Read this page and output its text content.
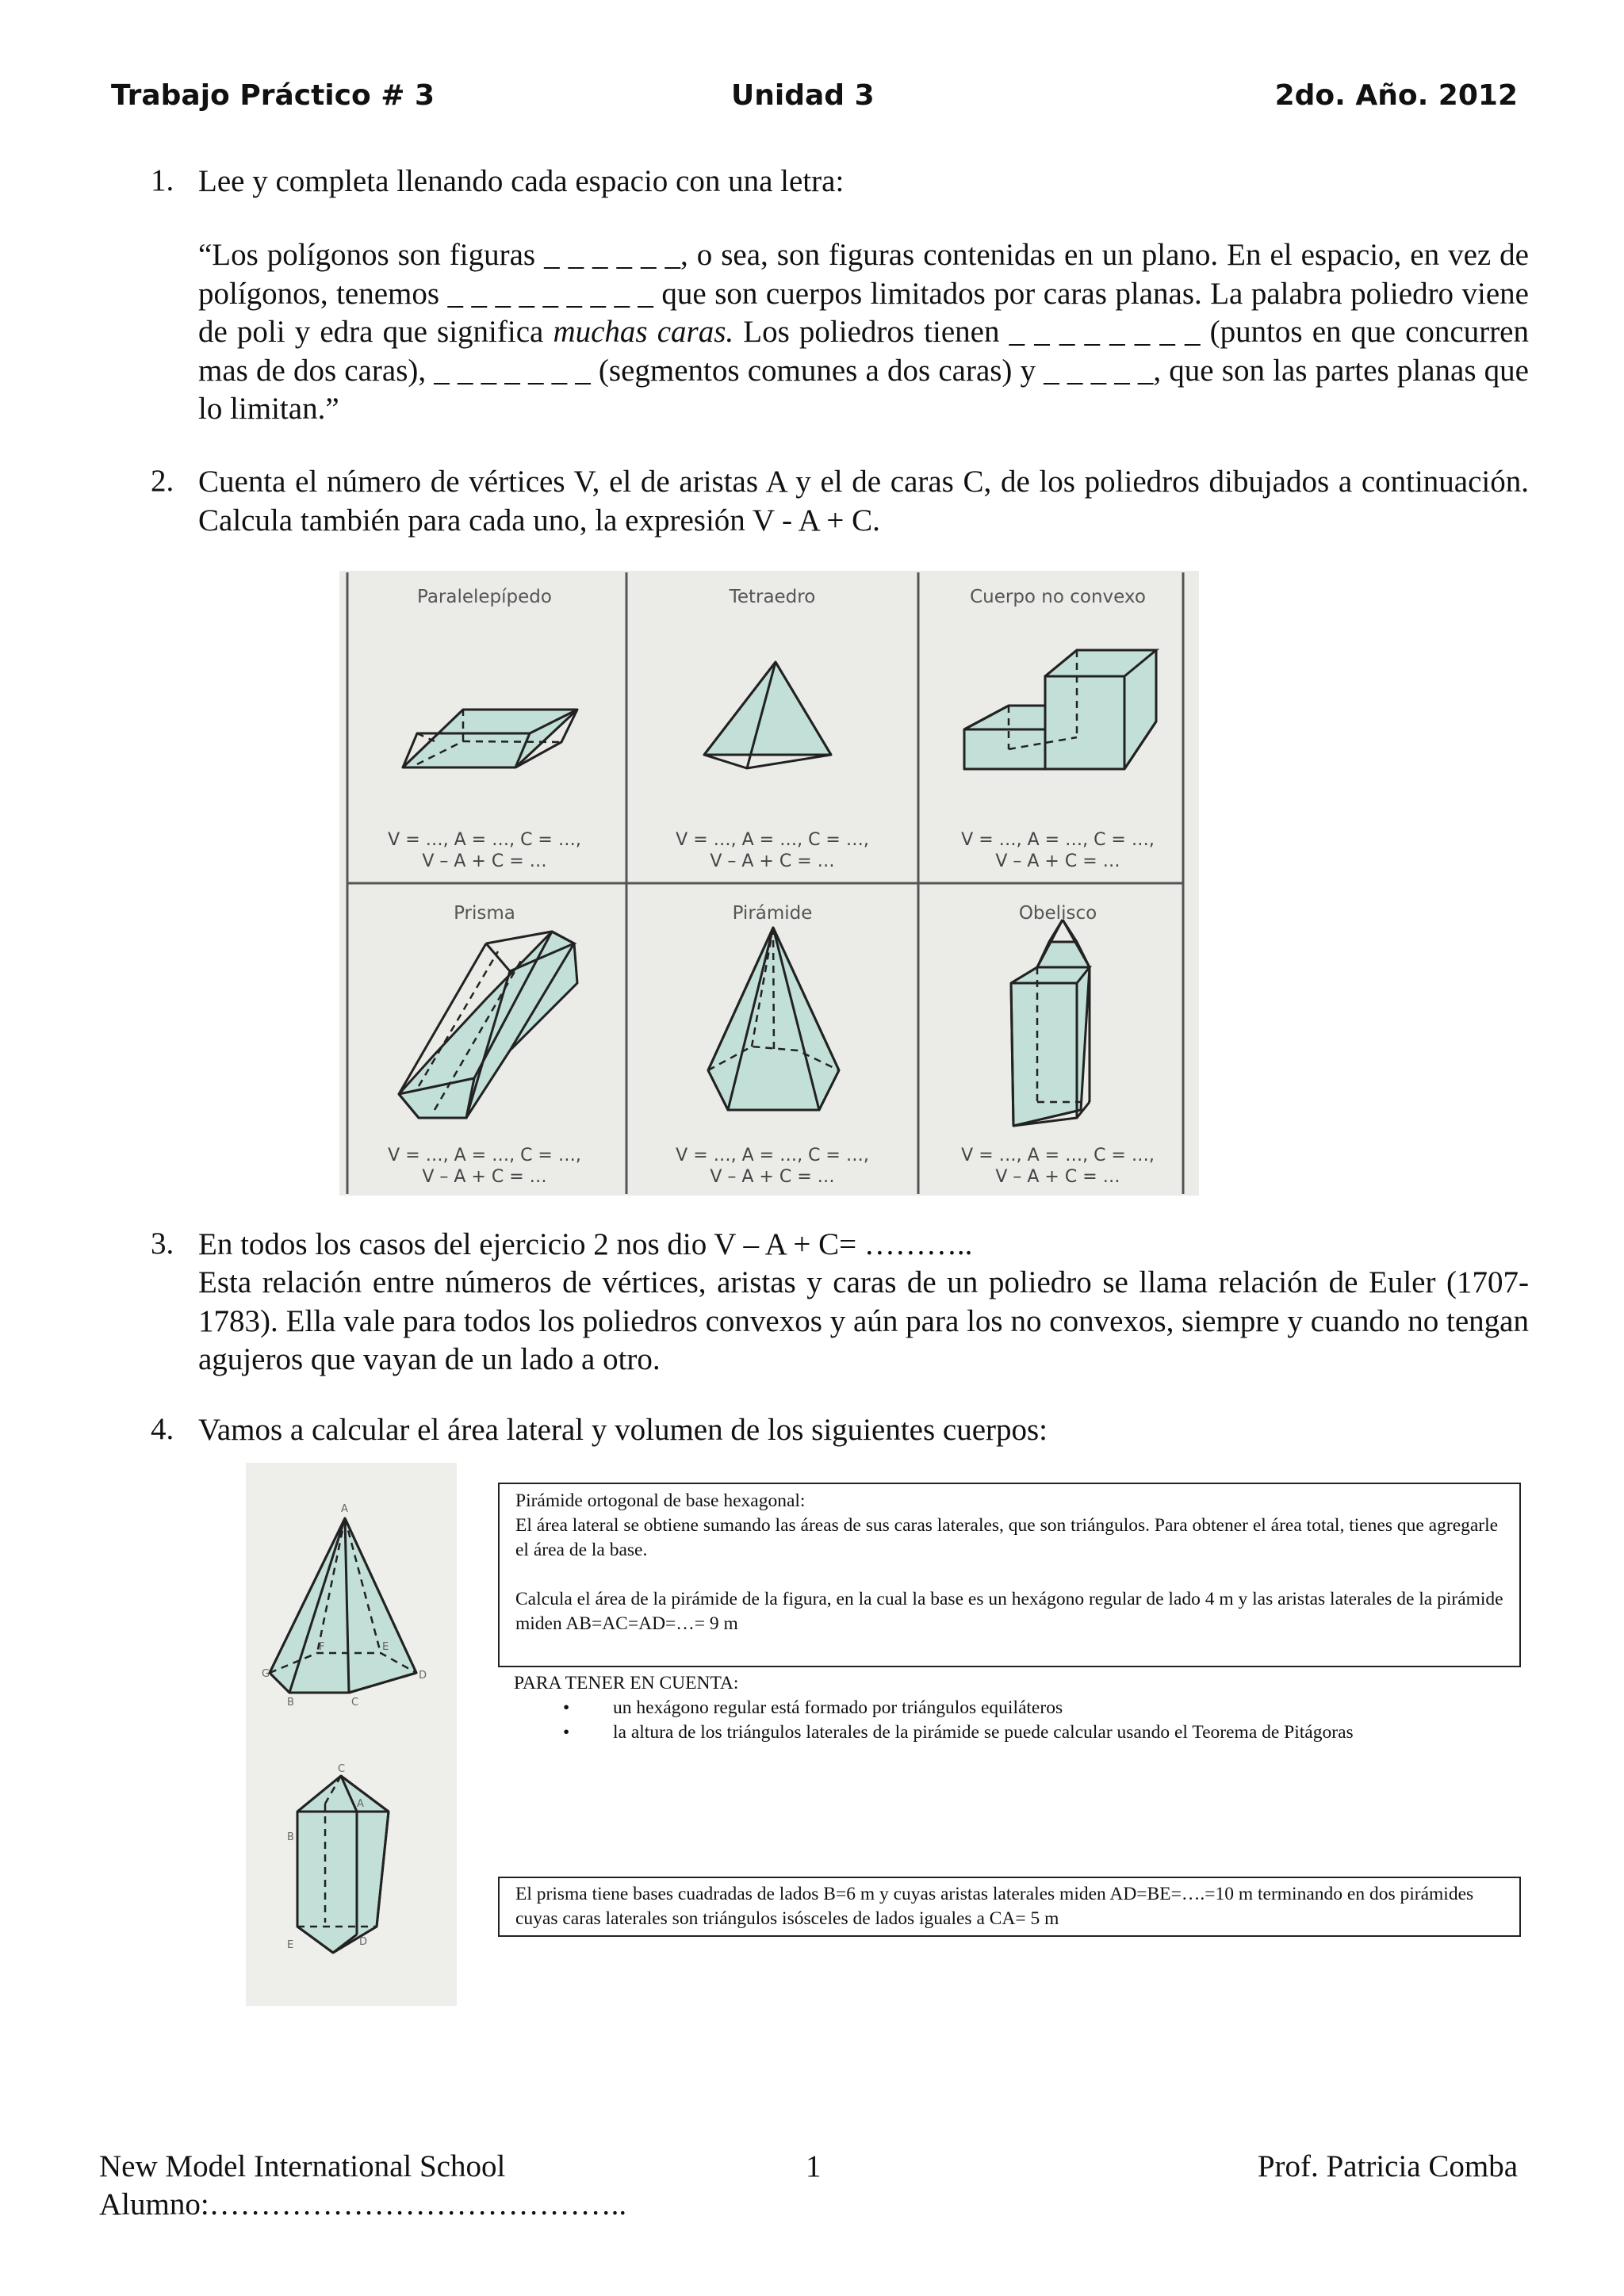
Trabajo Práctico # 3	Unidad 3	2do. Año. 2012
1. Lee y completa llenando cada espacio con una letra:
“Los polígonos son figuras _ _ _ _ _ _, o sea, son figuras contenidas en un plano. En el espacio, en vez de polígonos, tenemos _ _ _ _ _ _ _ _ _ que son cuerpos limitados por caras planas. La palabra poliedro viene de poli y edra que significa muchas caras. Los poliedros tienen _ _ _ _ _ _ _ _ (puntos en que concurren mas de dos caras), _ _ _ _ _ _ _ (segmentos comunes a dos caras) y _ _ _ _ _, que son las partes planas que lo limitan.”
2. Cuenta el número de vértices V, el de aristas A y el de caras C, de los poliedros dibujados a continuación. Calcula también para cada uno, la expresión V - A + C.
Paralelepípedo	Tetraedro	Cuerpo no convexo
Prisma	Pirámide	Obelisco
V = …, A = …, C = …,
V – A + C = …
V = …, A = …, C = …,
V – A + C = …
V = …, A = …, C = …,
V – A + C = …
V = …, A = …, C = …,
V – A + C = …
V = …, A = …, C = …,
V – A + C = …
V = …, A = …, C = …,
V – A + C = …
3. En todos los casos del ejercicio 2 nos dio V – A + C= ………..
Esta relación entre números de vértices, aristas y caras de un poliedro se llama relación de Euler (1707-1783). Ella vale para todos los poliedros convexos y aún para los no convexos, siempre y cuando no tengan agujeros que vayan de un lado a otro.
4. Vamos a calcular el área lateral y volumen de los siguientes cuerpos:
A
B	C
D
E
F
G
A
B
C
D
E
Pirámide ortogonal de base hexagonal:
El área lateral se obtiene sumando las áreas de sus caras laterales, que son triángulos. Para obtener el área total, tienes que agregarle el área de la base.
Calcula el área de la pirámide de la figura, en la cual la base es un hexágono regular de lado 4 m y las aristas laterales de la pirámide miden AB=AC=AD=…= 9 m
PARA TENER EN CUENTA:
• un hexágono regular está formado por triángulos equiláteros
• la altura de los triángulos laterales de la pirámide se puede calcular usando el Teorema de Pitágoras
El prisma tiene bases cuadradas de lados B=6 m y cuyas aristas laterales miden AD=BE=….=10 m terminando en dos pirámides cuyas caras laterales son triángulos isósceles de lados iguales a CA= 5 m
New Model International School	1	Prof. Patricia Comba
Alumno:…………………………………..
